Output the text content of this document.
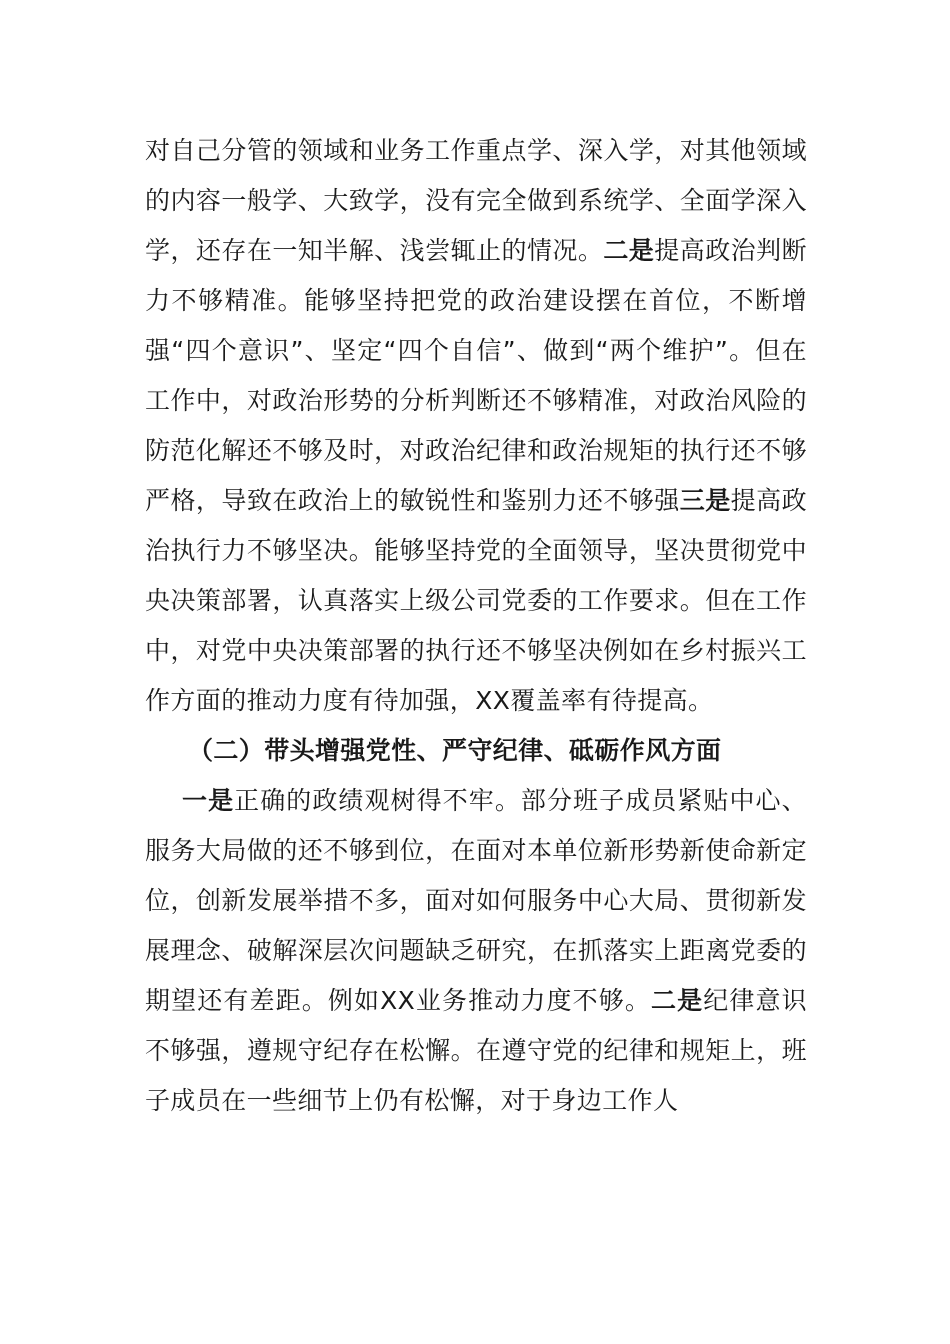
对自己分管的领域和业务工作重点学、深入学，对其他领域的内容一般学、大致学，没有完全做到系统学、全面学深入学，还存在一知半解、浅尝辄止的情况。二是提高政治判断力不够精准。能够坚持把党的政治建设摆在首位，不断增强“四个意识”、坚定“四个自信”、做到“两个维护”。但在工作中，对政治形势的分析判断还不够精准，对政治风险的防范化解还不够及时，对政治纪律和政治规矩的执行还不够严格，导致在政治上的敏锐性和鉴别力还不够强三是提高政治执行力不够坚决。能够坚持党的全面领导，坚决贯彻党中央决策部署，认真落实上级公司党委的工作要求。但在工作中，对党中央决策部署的执行还不够坚决例如在乡村振兴工作方面的推动力度有待加强，XX覆盖率有待提高。

（二）带头增强党性、严守纪律、砥砺作风方面

一是正确的政绩观树得不牢。部分班子成员紧贴中心、服务大局做的还不够到位，在面对本单位新形势新使命新定位，创新发展举措不多，面对如何服务中心大局、贯彻新发展理念、破解深层次问题缺乏研究，在抓落实上距离党委的期望还有差距。例如XX业务推动力度不够。二是纪律意识不够强，遵规守纪存在松懈。在遵守党的纪律和规矩上，班子成员在一些细节上仍有松懈，对于身边工作人
